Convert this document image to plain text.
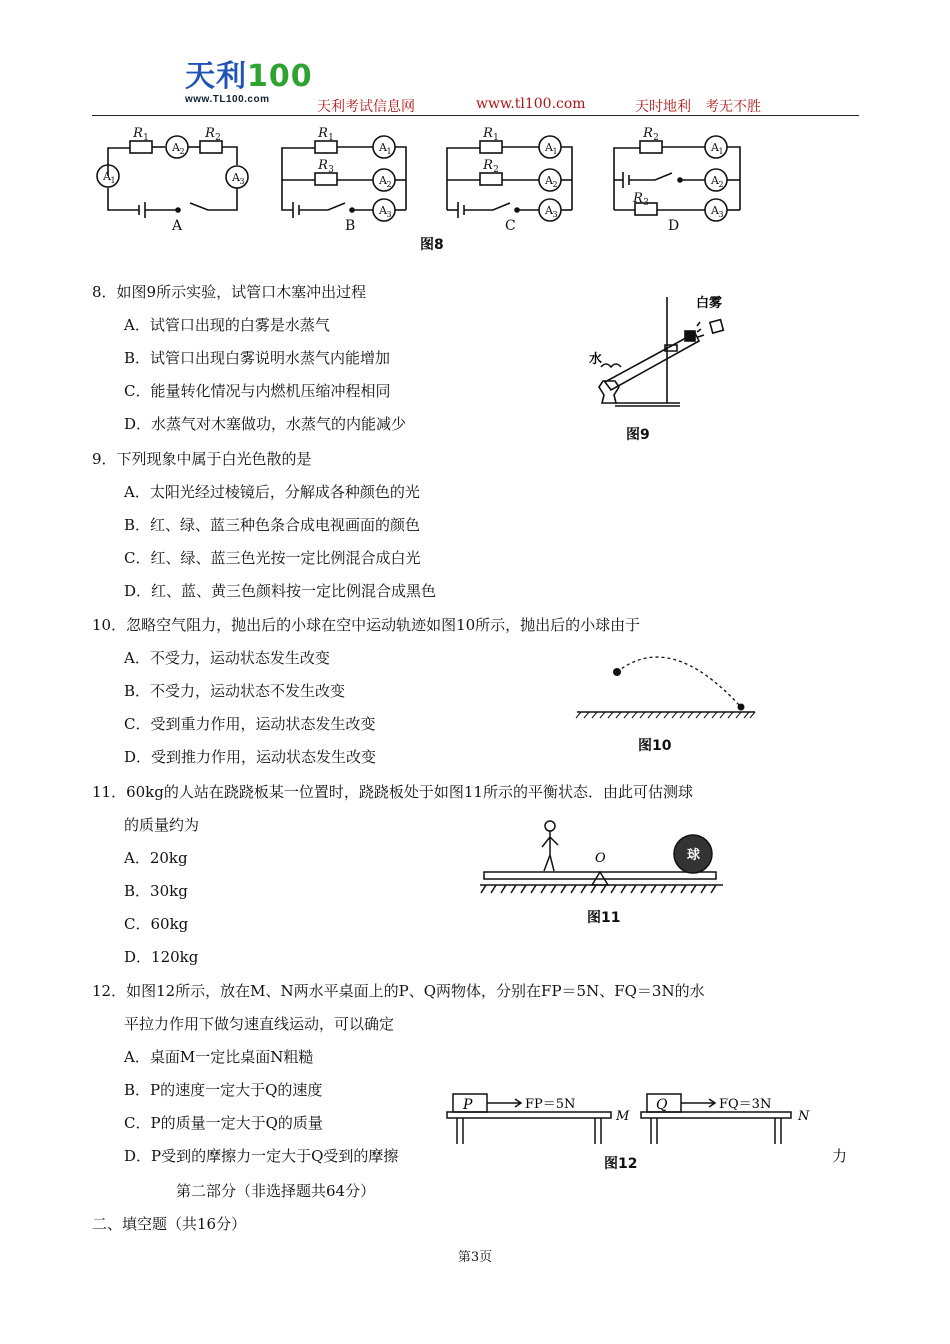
天利100
www.TL100.com	天利考试信息网	www.tl100.com	天时地利　考无不胜
R 1	R 2
A 2
A 1	A 3
R 1
R 3
A 1
A 2
A 3
R 1
R 2
A 1
A 2
A 3
R 2
R 3
A 1
A 2
A 3
A	B	C	D
图8
8．如图9所示实验，试管口木塞冲出过程
A．试管口出现的白雾是水蒸气
B．试管口出现白雾说明水蒸气内能增加
C．能量转化情况与内燃机压缩冲程相同
D．水蒸气对木塞做功，水蒸气的内能减少
白雾
水
图9
9．下列现象中属于白光色散的是
A．太阳光经过棱镜后，分解成各种颜色的光
B．红、绿、蓝三种色条合成电视画面的颜色
C．红、绿、蓝三色光按一定比例混合成白光
D．红、蓝、黄三色颜料按一定比例混合成黑色
10．忽略空气阻力，抛出后的小球在空中运动轨迹如图10所示，抛出后的小球由于
A．不受力，运动状态发生改变
B．不受力，运动状态不发生改变
C．受到重力作用，运动状态发生改变
D．受到推力作用，运动状态发生改变
图10
11．60kg的人站在跷跷板某一位置时，跷跷板处于如图11所示的平衡状态．由此可估测球
的质量约为
A．20kg
B．30kg
C．60kg
D．120kg
O	球
图11
12．如图12所示，放在M、N两水平桌面上的P、Q两物体，分别在FP＝5N、FQ＝3N的水
平拉力作用下做匀速直线运动，可以确定
A．桌面M一定比桌面N粗糙
B．P的速度一定大于Q的速度
C．P的质量一定大于Q的质量
D．P受到的摩擦力一定大于Q受到的摩擦	力
P	FP＝5N
M
Q	FQ＝3N
N
图12
第二部分（非选择题共64分）
二、填空题（共16分）
第3页
